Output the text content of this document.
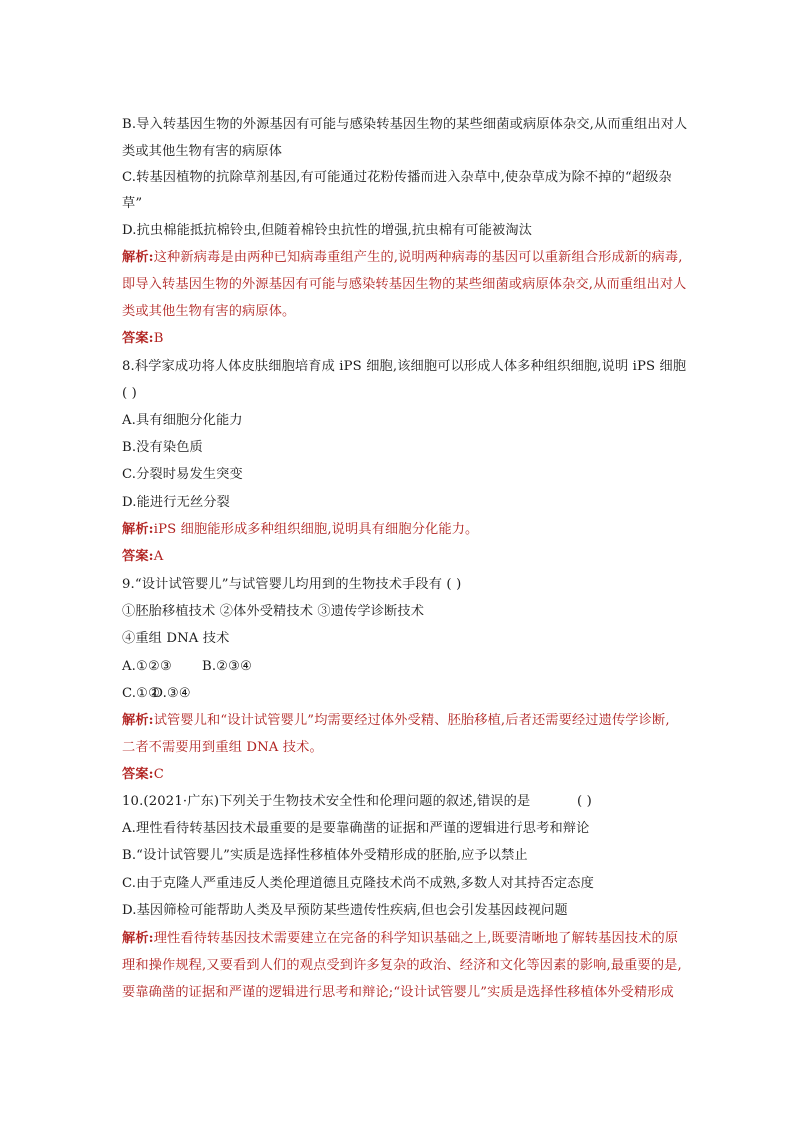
B.导入转基因生物的外源基因有可能与感染转基因生物的某些细菌或病原体杂交,从而重组出对人
类或其他生物有害的病原体
C.转基因植物的抗除草剂基因,有可能通过花粉传播而进入杂草中,使杂草成为除不掉的“超级杂
草”
D.抗虫棉能抵抗棉铃虫,但随着棉铃虫抗性的增强,抗虫棉有可能被淘汰
解析:这种新病毒是由两种已知病毒重组产生的,说明两种病毒的基因可以重新组合形成新的病毒,
即导入转基因生物的外源基因有可能与感染转基因生物的某些细菌或病原体杂交,从而重组出对人
类或其他生物有害的病原体。
答案:B
8.科学家成功将人体皮肤细胞培育成 iPS 细胞,该细胞可以形成人体多种组织细胞,说明 iPS 细胞
( )
A.具有细胞分化能力
B.没有染色质
C.分裂时易发生突变
D.能进行无丝分裂
解析:iPS 细胞能形成多种组织细胞,说明具有细胞分化能力。
答案:A
9.“设计试管婴儿”与试管婴儿均用到的生物技术手段有 ( )
①胚胎移植技术 ②体外受精技术 ③遗传学诊断技术
④重组 DNA 技术
A.①②③ B.②③④
C.①② D.③④
解析:试管婴儿和“设计试管婴儿”均需要经过体外受精、胚胎移植,后者还需要经过遗传学诊断,
二者不需要用到重组 DNA 技术。
答案:C
10.(2021·广东)下列关于生物技术安全性和伦理问题的叙述,错误的是	( )
A.理性看待转基因技术最重要的是要靠确凿的证据和严谨的逻辑进行思考和辩论
B.“设计试管婴儿”实质是选择性移植体外受精形成的胚胎,应予以禁止
C.由于克隆人严重违反人类伦理道德且克隆技术尚不成熟,多数人对其持否定态度
D.基因筛检可能帮助人类及早预防某些遗传性疾病,但也会引发基因歧视问题
解析:理性看待转基因技术需要建立在完备的科学知识基础之上,既要清晰地了解转基因技术的原
理和操作规程,又要看到人们的观点受到许多复杂的政治、经济和文化等因素的影响,最重要的是,
要靠确凿的证据和严谨的逻辑进行思考和辩论;“设计试管婴儿”实质是选择性移植体外受精形成
